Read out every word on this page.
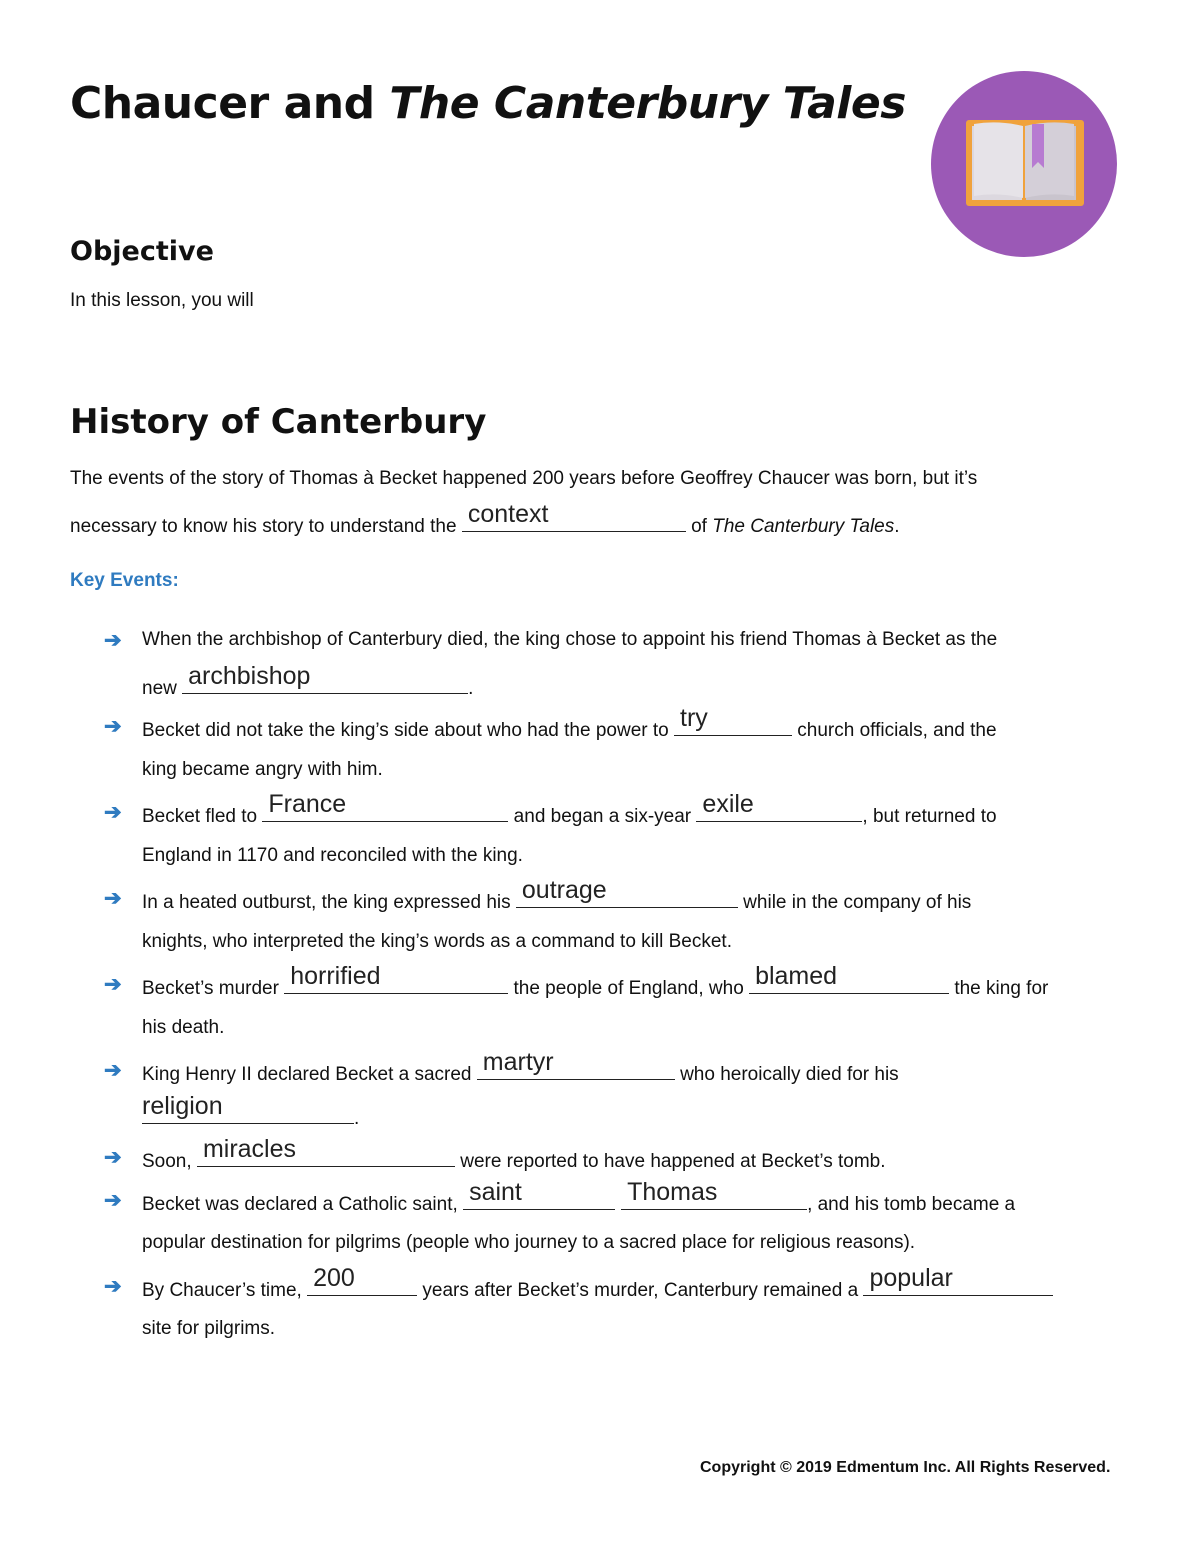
Chaucer and The Canterbury Tales
Objective
In this lesson, you will
History of Canterbury
The events of the story of Thomas à Becket happened 200 years before Geoffrey Chaucer was born, but it’s
necessary to know his story to understand the context	of The Canterbury Tales.
Key Events:
➔ When the archbishop of Canterbury died, the king chose to appoint his friend Thomas à Becket as the
new archbishop	.
➔ Becket did not take the king’s side about who had the power to try	church officials, and the
king became angry with him.
➔ Becket fled to France	and began a six-year exile	, but returned to
England in 1170 and reconciled with the king.
➔ In a heated outburst, the king expressed his outrage	while in the company of his
knights, who interpreted the king’s words as a command to kill Becket.
➔ Becket’s murder horrified	the people of England, who blamed	the king for
his death.
➔ King Henry II declared Becket a sacred martyr	who heroically died for his
religion	.
➔ Soon, miracles	were reported to have happened at Becket’s tomb.
➔ Becket was declared a Catholic saint, saint	Thomas	, and his tomb became a
popular destination for pilgrims (people who journey to a sacred place for religious reasons).
➔ By Chaucer’s time, 200	years after Becket’s murder, Canterbury remained a popular
site for pilgrims.
Copyright © 2019 Edmentum Inc. All Rights Reserved.
